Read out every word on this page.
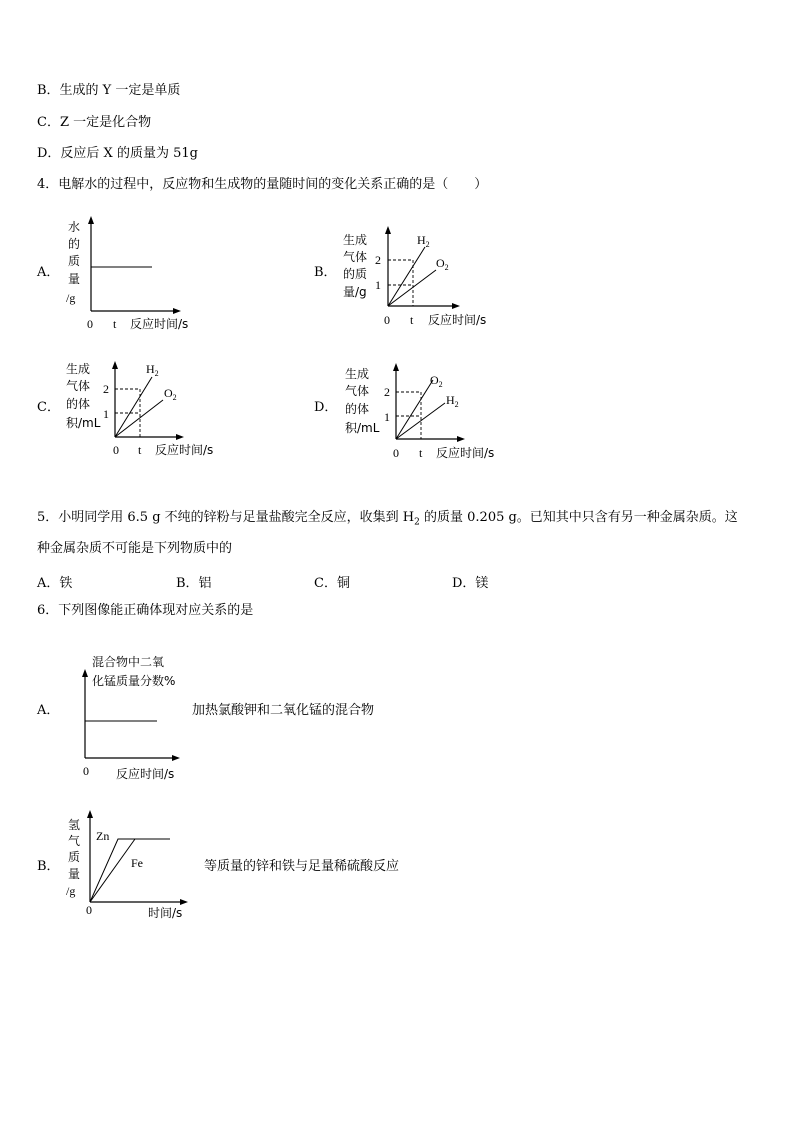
B．生成的 Y 一定是单质
C．Z 一定是化合物
D．反应后 X 的质量为 51g
4．电解水的过程中，反应物和生成物的量随时间的变化关系正确的是（　　）
A．
水
的
质
量
/g
0 t 反应时间/s
B．
生成
气体
的质
量/g
2
1
$H_2$
$O_2$
0 t 反应时间/s
C．
生成
气体
的体
积/mL
2
1
$H_2$
$O_2$
0 t 反应时间/s
D．
生成
气体
的体
积/mL
2
1
$O_2$
$H_2$
0 t 反应时间/s
5．小明同学用 6.5 g 不纯的锌粉与足量盐酸完全反应，收集到 $H_2$ 的质量 0.205 g。已知其中只含有另一种金属杂质。这
种金属杂质不可能是下列物质中的
A．铁	B．铝	C．铜	D．镁
6．下列图像能正确体现对应关系的是
A．
混合物中二氧
化锰质量分数%
0 反应时间/s
加热氯酸钾和二氧化锰的混合物
B．
氢
气
质
量
/g
Zn
Fe
0	时间/s
等质量的锌和铁与足量稀硫酸反应
